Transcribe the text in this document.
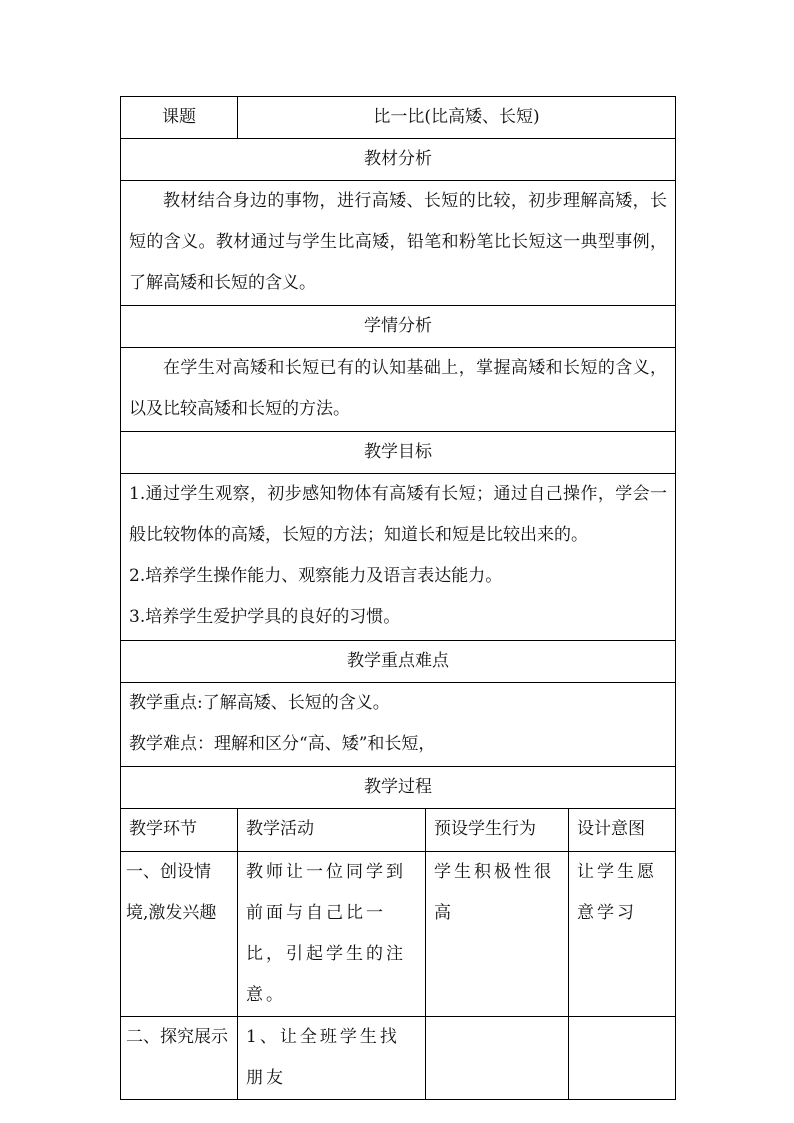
课题	比一比(比高矮、长短)		
教材分析			
教材结合身边的事物，进行高矮、长短的比较，初步理解高矮，长短的含义。教材通过与学生比高矮，铅笔和粉笔比长短这一典型事例，了解高矮和长短的含义。			
学情分析			
在学生对高矮和长短已有的认知基础上，掌握高矮和长短的含义，以及比较高矮和长短的方法。			
教学目标			

1.通过学生观察，初步感知物体有高矮有长短；通过自己操作，学会一般比较物体的高矮，长短的方法；知道长和短是比较出来的。

2.培养学生操作能力、观察能力及语言表达能力。

3.培养学生爱护学具的良好的习惯。			

教学重点难点			

教学重点:了解高矮、长短的含义。

教学难点：理解和区分“高、矮”和长短，			

教学过程			
教学环节	教学活动	预设学生行为	设计意图
一、创设情境,激发兴趣	教师让一位同学到前面与自己比一比，引起学生的注意。	学生积极性很高	让学生愿意学习
二、探究展示	1、让全班学生找朋友		
